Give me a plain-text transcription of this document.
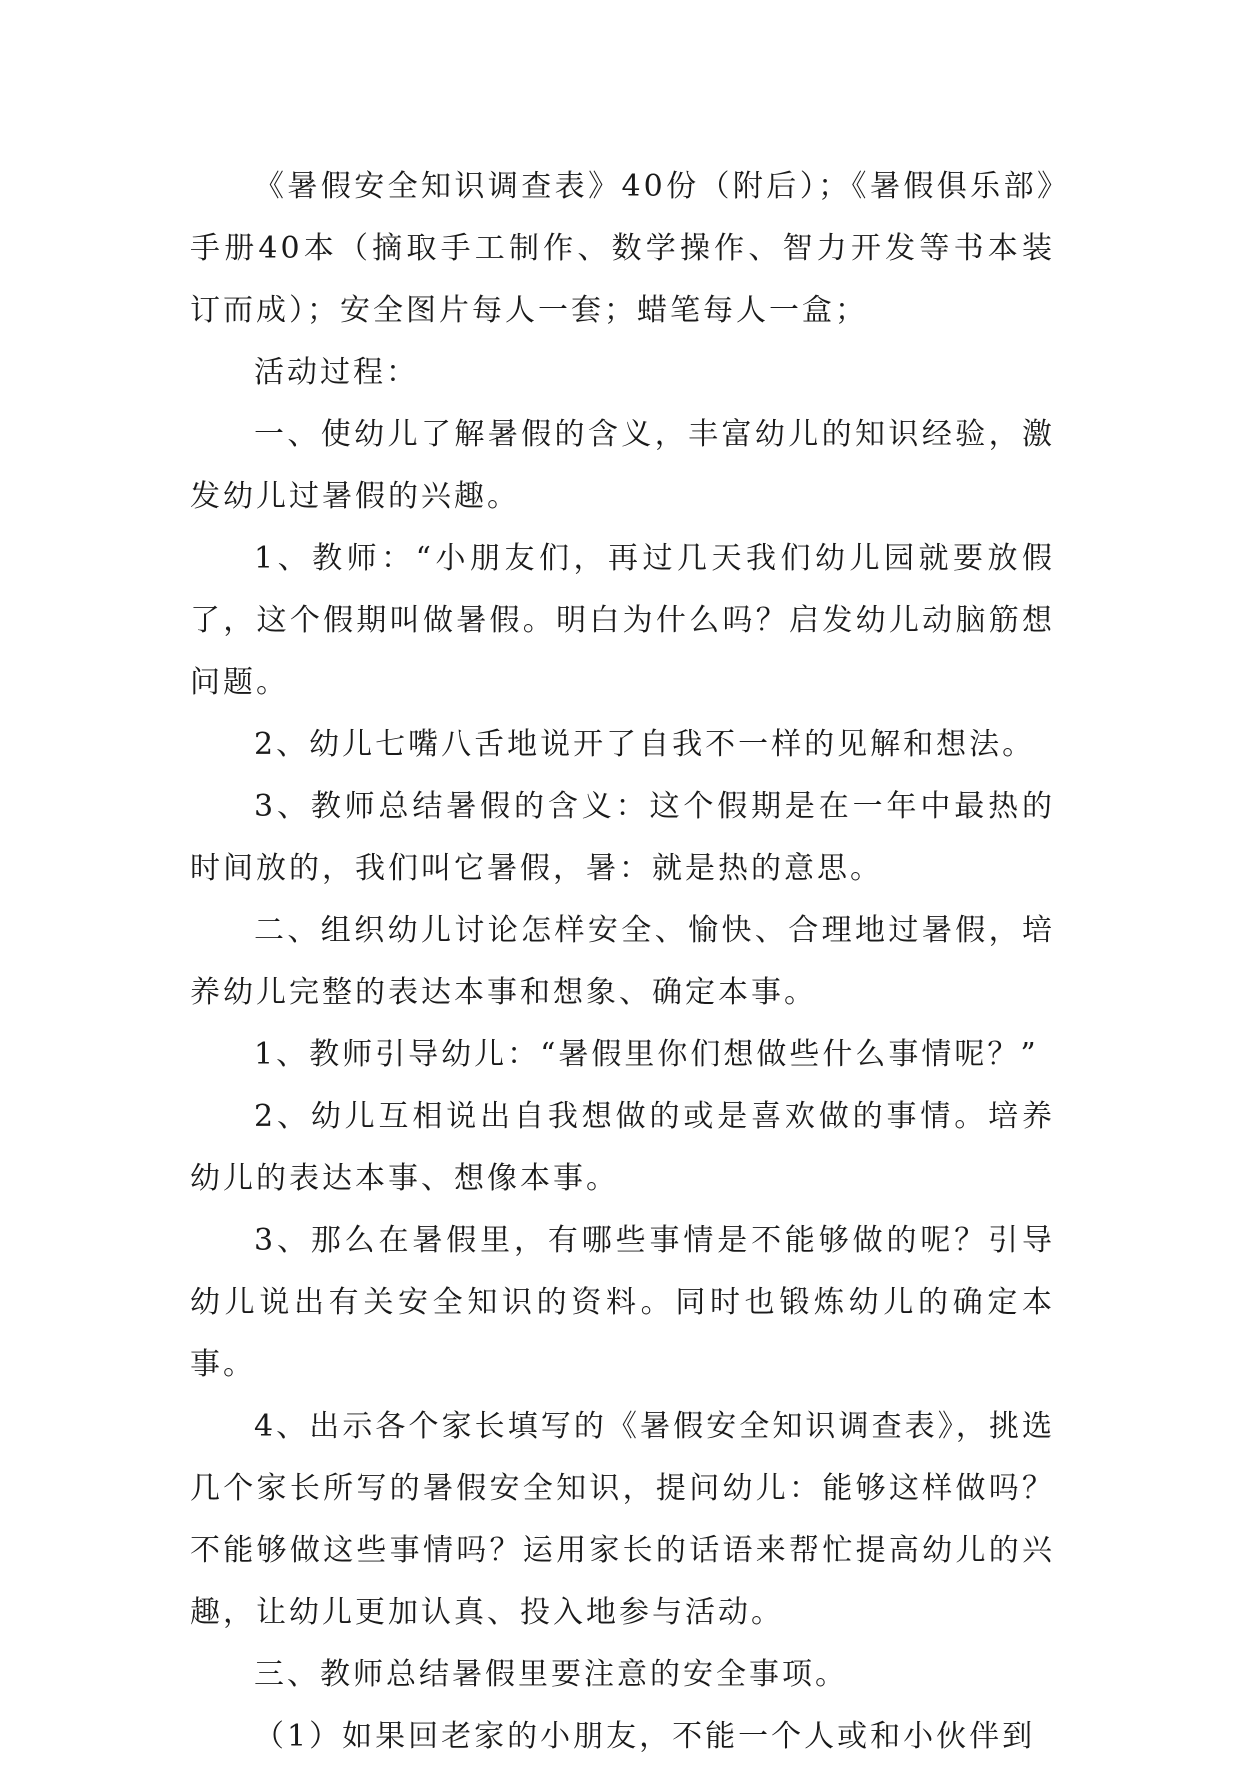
《暑假安全知识调查表》40份（附后）；《暑假俱乐部》手册40本（摘取手工制作、数学操作、智力开发等书本装订而成）；安全图片每人一套；蜡笔每人一盒；

活动过程：

一、使幼儿了解暑假的含义，丰富幼儿的知识经验，激发幼儿过暑假的兴趣。

1、教师：“小朋友们，再过几天我们幼儿园就要放假了，这个假期叫做暑假。明白为什么吗？启发幼儿动脑筋想问题。

2、幼儿七嘴八舌地说开了自我不一样的见解和想法。

3、教师总结暑假的含义：这个假期是在一年中最热的时间放的，我们叫它暑假，暑：就是热的意思。

二、组织幼儿讨论怎样安全、愉快、合理地过暑假，培养幼儿完整的表达本事和想象、确定本事。

1、教师引导幼儿：“暑假里你们想做些什么事情呢？”

2、幼儿互相说出自我想做的或是喜欢做的事情。培养幼儿的表达本事、想像本事。

3、那么在暑假里，有哪些事情是不能够做的呢？引导幼儿说出有关安全知识的资料。同时也锻炼幼儿的确定本事。

4、出示各个家长填写的《暑假安全知识调查表》，挑选几个家长所写的暑假安全知识，提问幼儿：能够这样做吗？不能够做这些事情吗？运用家长的话语来帮忙提高幼儿的兴趣，让幼儿更加认真、投入地参与活动。

三、教师总结暑假里要注意的安全事项。

（1）如果回老家的小朋友，不能一个人或和小伙伴到
